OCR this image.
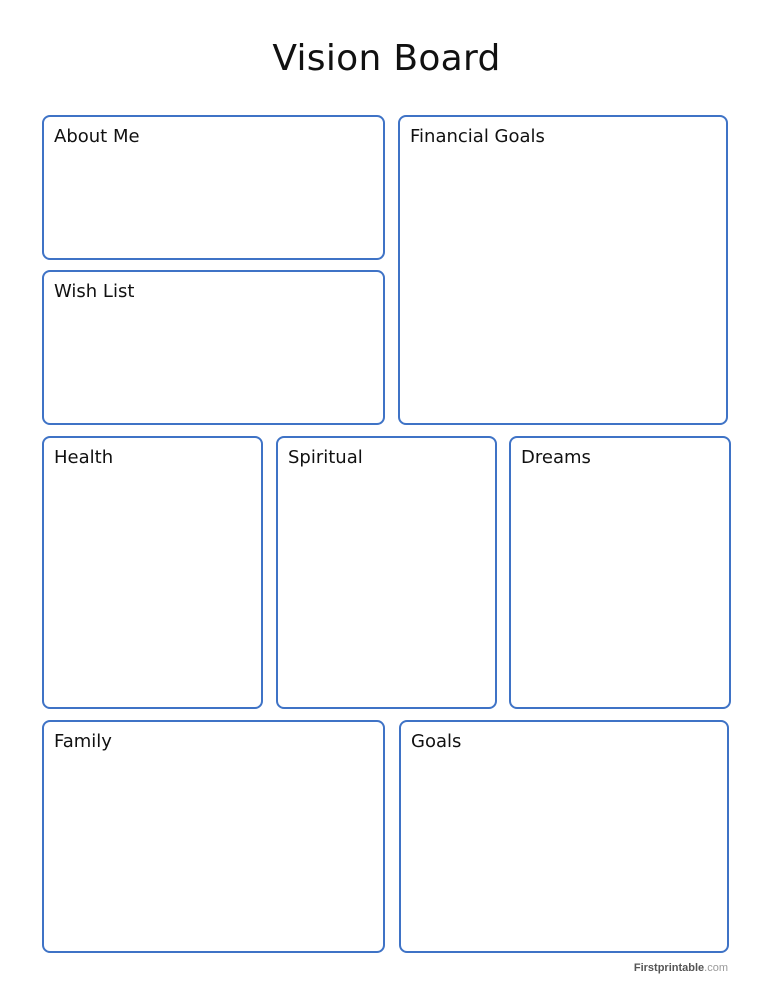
Vision Board
About Me	Financial Goals
Wish List
Health	Spiritual	Dreams
Family	Goals
Firstprintable.com
